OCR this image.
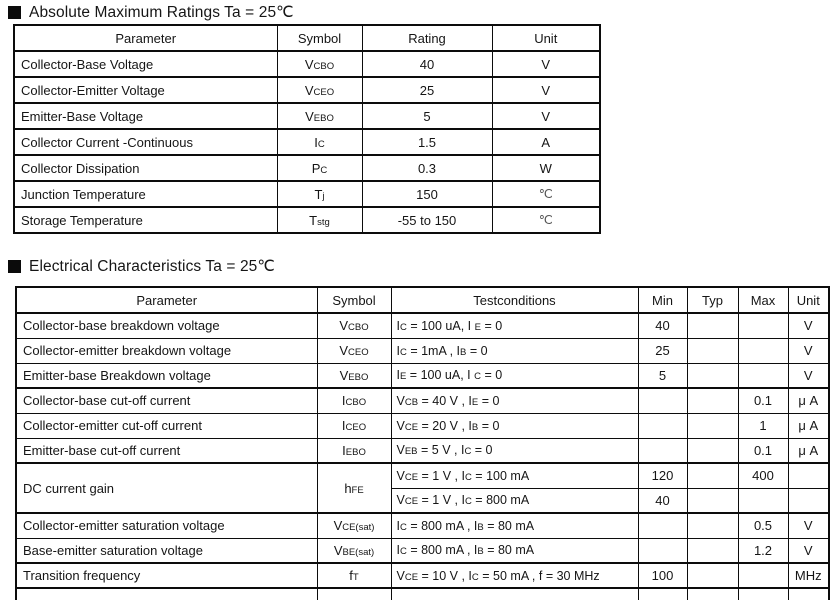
Absolute Maximum Ratings Ta = 25℃
Parameter	Symbol	Rating	Unit
Collector-Base Voltage	VCBO	40	V
Collector-Emitter Voltage	VCEO	25	V
Emitter-Base Voltage	VEBO	5	V
Collector Current -Continuous	IC	1.5	A
Collector Dissipation	PC	0.3	W
Junction Temperature	Tj	150	℃
Storage Temperature	Tstg	-55 to 150	℃
Electrical Characteristics Ta = 25℃
Parameter	Symbol	Testconditions	Min	Typ	Max	Unit
Collector-base breakdown voltage	VCBO	IC = 100 uA, I E = 0	40			V
Collector-emitter breakdown voltage	VCEO	IC = 1mA , IB = 0	25			V
Emitter-base Breakdown voltage	VEBO	IE = 100 uA, I C = 0	5			V
Collector-base cut-off current	ICBO	VCB = 40 V , IE = 0			0.1	μ A
Collector-emitter cut-off current	ICEO	VCE = 20 V , IB = 0			1	μ A
Emitter-base cut-off current	IEBO	VEB = 5 V , IC = 0			0.1	μ A
DC current gain	hFE	VCE = 1 V , IC = 100 mA	120		400	
		VCE = 1 V , IC = 800 mA	40			
Collector-emitter saturation voltage	VCE(sat)	IC = 800 mA , IB = 80 mA			0.5	V
Base-emitter saturation voltage	VBE(sat)	IC = 800 mA , IB = 80 mA			1.2	V
Transition frequency	fT	VCE = 10 V , IC = 50 mA , f = 30 MHz	100			MHz
